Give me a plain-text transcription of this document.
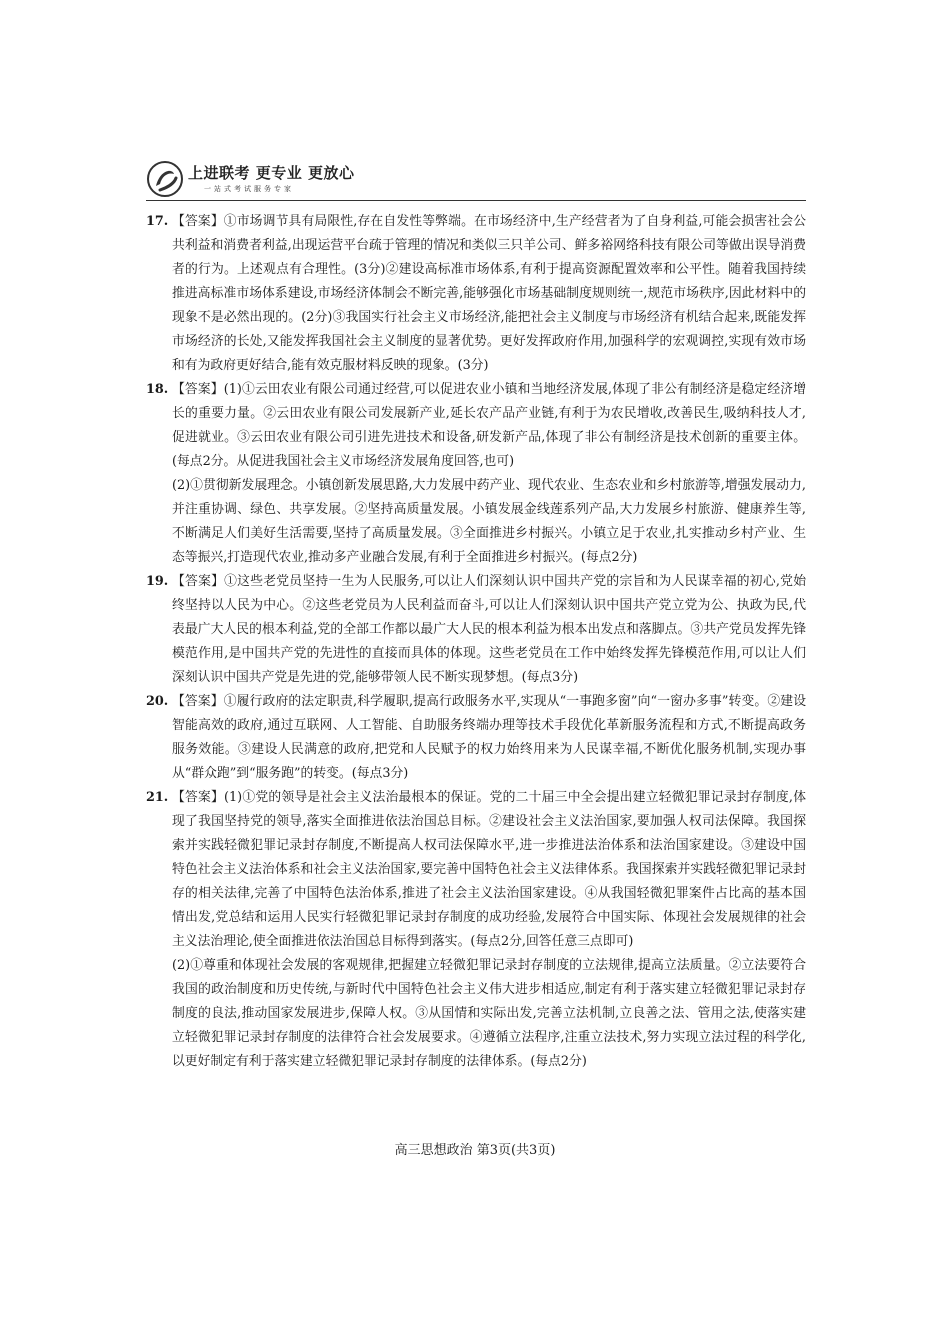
上进联考 更专业 更放心
一站式考试服务专家

17. 【答案】①市场调节具有局限性,存在自发性等弊端。在市场经济中,生产经营者为了自身利益,可能会损害社会公共利益和消费者利益,出现运营平台疏于管理的情况和类似三只羊公司、鲜多裕网络科技有限公司等做出误导消费者的行为。上述观点有合理性。(3分)②建设高标准市场体系,有利于提高资源配置效率和公平性。随着我国持续推进高标准市场体系建设,市场经济体制会不断完善,能够强化市场基础制度规则统一,规范市场秩序,因此材料中的现象不是必然出现的。(2分)③我国实行社会主义市场经济,能把社会主义制度与市场经济有机结合起来,既能发挥市场经济的长处,又能发挥我国社会主义制度的显著优势。更好发挥政府作用,加强科学的宏观调控,实现有效市场和有为政府更好结合,能有效克服材料反映的现象。(3分)

18. 【答案】(1)①云田农业有限公司通过经营,可以促进农业小镇和当地经济发展,体现了非公有制经济是稳定经济增长的重要力量。②云田农业有限公司发展新产业,延长农产品产业链,有利于为农民增收,改善民生,吸纳科技人才,促进就业。③云田农业有限公司引进先进技术和设备,研发新产品,体现了非公有制经济是技术创新的重要主体。(每点2分。从促进我国社会主义市场经济发展角度回答,也可)

(2)①贯彻新发展理念。小镇创新发展思路,大力发展中药产业、现代农业、生态农业和乡村旅游等,增强发展动力,并注重协调、绿色、共享发展。②坚持高质量发展。小镇发展金线莲系列产品,大力发展乡村旅游、健康养生等,不断满足人们美好生活需要,坚持了高质量发展。③全面推进乡村振兴。小镇立足于农业,扎实推动乡村产业、生态等振兴,打造现代农业,推动多产业融合发展,有利于全面推进乡村振兴。(每点2分)

19. 【答案】①这些老党员坚持一生为人民服务,可以让人们深刻认识中国共产党的宗旨和为人民谋幸福的初心,党始终坚持以人民为中心。②这些老党员为人民利益而奋斗,可以让人们深刻认识中国共产党立党为公、执政为民,代表最广大人民的根本利益,党的全部工作都以最广大人民的根本利益为根本出发点和落脚点。③共产党员发挥先锋模范作用,是中国共产党的先进性的直接而具体的体现。这些老党员在工作中始终发挥先锋模范作用,可以让人们深刻认识中国共产党是先进的党,能够带领人民不断实现梦想。(每点3分)

20. 【答案】①履行政府的法定职责,科学履职,提高行政服务水平,实现从“一事跑多窗”向“一窗办多事”转变。②建设智能高效的政府,通过互联网、人工智能、自助服务终端办理等技术手段优化革新服务流程和方式,不断提高政务服务效能。③建设人民满意的政府,把党和人民赋予的权力始终用来为人民谋幸福,不断优化服务机制,实现办事从“群众跑”到“服务跑”的转变。(每点3分)

21. 【答案】(1)①党的领导是社会主义法治最根本的保证。党的二十届三中全会提出建立轻微犯罪记录封存制度,体现了我国坚持党的领导,落实全面推进依法治国总目标。②建设社会主义法治国家,要加强人权司法保障。我国探索并实践轻微犯罪记录封存制度,不断提高人权司法保障水平,进一步推进法治体系和法治国家建设。③建设中国特色社会主义法治体系和社会主义法治国家,要完善中国特色社会主义法律体系。我国探索并实践轻微犯罪记录封存的相关法律,完善了中国特色法治体系,推进了社会主义法治国家建设。④从我国轻微犯罪案件占比高的基本国情出发,党总结和运用人民实行轻微犯罪记录封存制度的成功经验,发展符合中国实际、体现社会发展规律的社会主义法治理论,使全面推进依法治国总目标得到落实。(每点2分,回答任意三点即可)

(2)①尊重和体现社会发展的客观规律,把握建立轻微犯罪记录封存制度的立法规律,提高立法质量。②立法要符合我国的政治制度和历史传统,与新时代中国特色社会主义伟大进步相适应,制定有利于落实建立轻微犯罪记录封存制度的良法,推动国家发展进步,保障人权。③从国情和实际出发,完善立法机制,立良善之法、管用之法,使落实建立轻微犯罪记录封存制度的法律符合社会发展要求。④遵循立法程序,注重立法技术,努力实现立法过程的科学化,以更好制定有利于落实建立轻微犯罪记录封存制度的法律体系。(每点2分)

高三思想政治 第3页(共3页)
